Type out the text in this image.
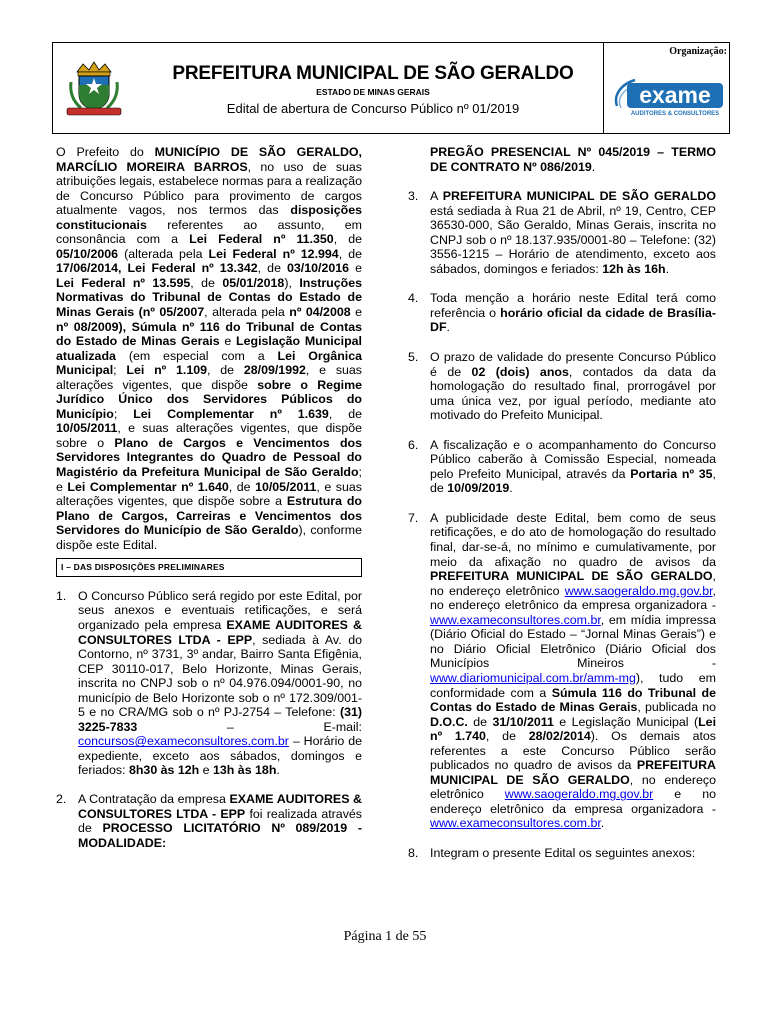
PREFEITURA MUNICIPAL DE SÃO GERALDO
ESTADO DE MINAS GERAIS
Edital de abertura de Concurso Público nº 01/2019
Organização:
exame
AUDITORES & CONSULTORES

O Prefeito do MUNICÍPIO DE SÃO GERALDO, MARCÍLIO MOREIRA BARROS, no uso de suas atribuições legais, estabelece normas para a realização de Concurso Público para provimento de cargos atualmente vagos, nos termos das disposições constitucionais referentes ao assunto, em consonância com a Lei Federal nº 11.350, de 05/10/2006 (alterada pela Lei Federal nº 12.994, de 17/06/2014, Lei Federal nº 13.342, de 03/10/2016 e Lei Federal nº 13.595, de 05/01/2018), Instruções Normativas do Tribunal de Contas do Estado de Minas Gerais (nº 05/2007, alterada pela nº 04/2008 e nº 08/2009), Súmula nº 116 do Tribunal de Contas do Estado de Minas Gerais e Legislação Municipal atualizada (em especial com a Lei Orgânica Municipal; Lei nº 1.109, de 28/09/1992, e suas alterações vigentes, que dispõe sobre o Regime Jurídico Único dos Servidores Públicos do Município; Lei Complementar nº 1.639, de 10/05/2011, e suas alterações vigentes, que dispõe sobre o Plano de Cargos e Vencimentos dos Servidores Integrantes do Quadro de Pessoal do Magistério da Prefeitura Municipal de São Geraldo; e Lei Complementar nº 1.640, de 10/05/2011, e suas alterações vigentes, que dispõe sobre a Estrutura do Plano de Cargos, Carreiras e Vencimentos dos Servidores do Município de São Geraldo), conforme dispõe este Edital.

I – DAS DISPOSIÇÕES PRELIMINARES
1. O Concurso Público será regido por este Edital, por seus anexos e eventuais retificações, e será organizado pela empresa EXAME AUDITORES & CONSULTORES LTDA - EPP, sediada à Av. do Contorno, nº 3731, 3º andar, Bairro Santa Efigênia, CEP 30110-017, Belo Horizonte, Minas Gerais, inscrita no CNPJ sob o nº 04.976.094/0001-90, no município de Belo Horizonte sob o nº 172.309/001-5 e no CRA/MG sob o nº PJ-2754 – Telefone: (31) 3225-7833 – E-mail: concursos@exameconsultores.com.br – Horário de expediente, exceto aos sábados, domingos e feriados: 8h30 às 12h e 13h às 18h.

2. A Contratação da empresa EXAME AUDITORES & CONSULTORES LTDA - EPP foi realizada através de PROCESSO LICITATÓRIO Nº 089/2019 - MODALIDADE:

PREGÃO PRESENCIAL Nº 045/2019 – TERMO DE CONTRATO Nº 086/2019.

3. A PREFEITURA MUNICIPAL DE SÃO GERALDO está sediada à Rua 21 de Abril, nº 19, Centro, CEP 36530-000, São Geraldo, Minas Gerais, inscrita no CNPJ sob o nº 18.137.935/0001-80 – Telefone: (32) 3556-1215 – Horário de atendimento, exceto aos sábados, domingos e feriados: 12h às 16h.

4. Toda menção a horário neste Edital terá como referência o horário oficial da cidade de Brasília-DF.

5. O prazo de validade do presente Concurso Público é de 02 (dois) anos, contados da data da homologação do resultado final, prorrogável por uma única vez, por igual período, mediante ato motivado do Prefeito Municipal.

6. A fiscalização e o acompanhamento do Concurso Público caberão à Comissão Especial, nomeada pelo Prefeito Municipal, através da Portaria nº 35, de 10/09/2019.

7. A publicidade deste Edital, bem como de seus retificações, e do ato de homologação do resultado final, dar-se-á, no mínimo e cumulativamente, por meio da afixação no quadro de avisos da PREFEITURA MUNICIPAL DE SÃO GERALDO, no endereço eletrônico www.saogeraldo.mg.gov.br, no endereço eletrônico da empresa organizadora - www.exameconsultores.com.br, em mídia impressa (Diário Oficial do Estado – “Jornal Minas Gerais”) e no Diário Oficial Eletrônico (Diário Oficial dos Municípios Mineiros - www.diariomunicipal.com.br/amm-mg), tudo em conformidade com a Súmula 116 do Tribunal de Contas do Estado de Minas Gerais, publicada no D.O.C. de 31/10/2011 e Legislação Municipal (Lei nº 1.740, de 28/02/2014). Os demais atos referentes a este Concurso Público serão publicados no quadro de avisos da PREFEITURA MUNICIPAL DE SÃO GERALDO, no endereço eletrônico www.saogeraldo.mg.gov.br e no endereço eletrônico da empresa organizadora - www.exameconsultores.com.br.

8. Integram o presente Edital os seguintes anexos:

Página 1 de 55
